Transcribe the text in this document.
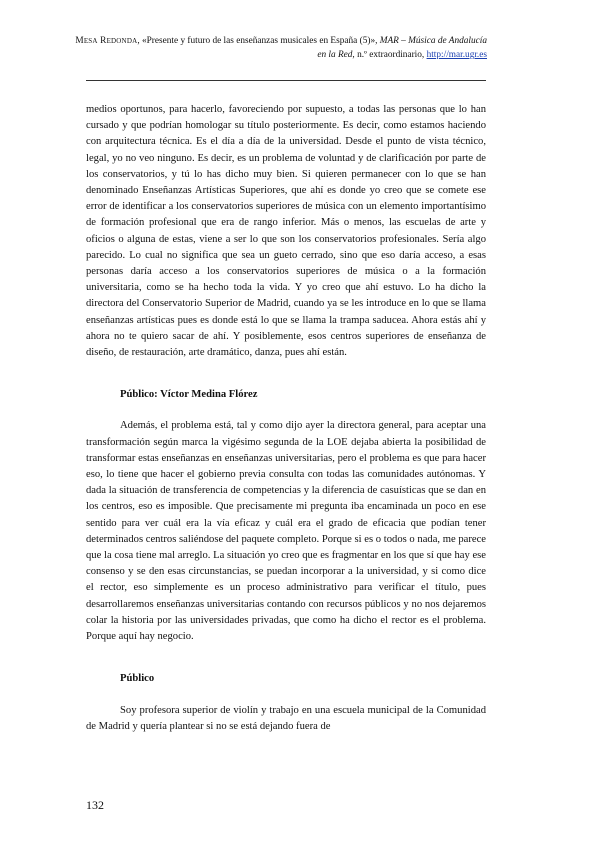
Mesa Redonda, «Presente y futuro de las enseñanzas musicales en España (5)», MAR – Música de Andalucía en la Red, n.º extraordinario, http://mar.ugr.es

medios oportunos, para hacerlo, favoreciendo por supuesto, a todas las personas que lo han cursado y que podrían homologar su título posteriormente. Es decir, como estamos haciendo con arquitectura técnica. Es el día a día de la universidad. Desde el punto de vista técnico, legal, yo no veo ninguno. Es decir, es un problema de voluntad y de clarificación por parte de los conservatorios, y tú lo has dicho muy bien. Si quieren permanecer con lo que se han denominado Enseñanzas Artísticas Superiores, que ahí es donde yo creo que se comete ese error de identificar a los conservatorios superiores de música con un elemento importantísimo de formación profesional que era de rango inferior. Más o menos, las escuelas de arte y oficios o alguna de estas, viene a ser lo que son los conservatorios profesionales. Sería algo parecido. Lo cual no significa que sea un gueto cerrado, sino que eso daría acceso, a esas personas daría acceso a los conservatorios superiores de música o a la formación universitaria, como se ha hecho toda la vida. Y yo creo que ahí estuvo. Lo ha dicho la directora del Conservatorio Superior de Madrid, cuando ya se les introduce en lo que se llama enseñanzas artísticas pues es donde está lo que se llama la trampa saducea. Ahora estás ahí y ahora no te quiero sacar de ahí. Y posiblemente, esos centros superiores de enseñanza de diseño, de restauración, arte dramático, danza, pues ahí están.

Público: Víctor Medina Flórez

Además, el problema está, tal y como dijo ayer la directora general, para aceptar una transformación según marca la vigésimo segunda de la LOE dejaba abierta la posibilidad de transformar estas enseñanzas en enseñanzas universitarias, pero el problema es que para hacer eso, lo tiene que hacer el gobierno previa consulta con todas las comunidades autónomas. Y dada la situación de transferencia de competencias y la diferencia de casuísticas que se dan en los centros, eso es imposible. Que precisamente mi pregunta iba encaminada un poco en ese sentido para ver cuál era la vía eficaz y cuál era el grado de eficacia que podían tener determinados centros saliéndose del paquete completo. Porque si es o todos o nada, me parece que la cosa tiene mal arreglo. La situación yo creo que es fragmentar en los que sí que hay ese consenso y se den esas circunstancias, se puedan incorporar a la universidad, y si como dice el rector, eso simplemente es un proceso administrativo para verificar el título, pues desarrollaremos enseñanzas universitarias contando con recursos públicos y no nos dejaremos colar la historia por las universidades privadas, que como ha dicho el rector es el problema. Porque aquí hay negocio.

Público

Soy profesora superior de violín y trabajo en una escuela municipal de la Comunidad de Madrid y quería plantear si no se está dejando fuera de

132
